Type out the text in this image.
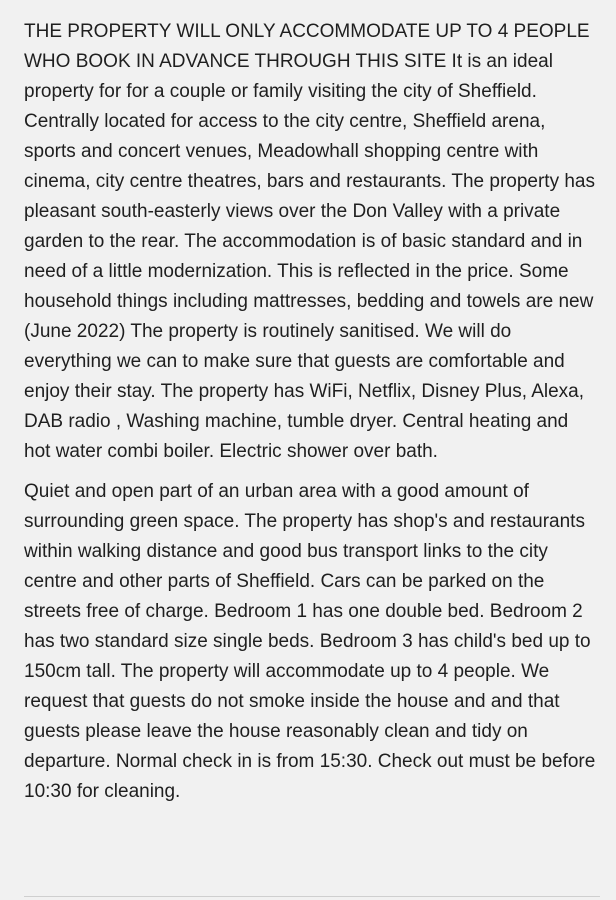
THE PROPERTY WILL ONLY ACCOMMODATE UP TO 4 PEOPLE WHO BOOK IN ADVANCE THROUGH THIS SITE It is an ideal property for for a couple or family visiting the city of Sheffield. Centrally located for access to the city centre, Sheffield arena, sports and concert venues, Meadowhall shopping centre with cinema, city centre theatres, bars and restaurants. The property has pleasant south-easterly views over the Don Valley with a private garden to the rear. The accommodation is of basic standard and in need of a little modernization. This is reflected in the price. Some household things including mattresses, bedding and towels are new (June 2022) The property is routinely sanitised. We will do everything we can to make sure that guests are comfortable and enjoy their stay. The property has WiFi, Netflix, Disney Plus, Alexa, DAB radio , Washing machine, tumble dryer. Central heating and hot water combi boiler. Electric shower over bath.

Quiet and open part of an urban area with a good amount of surrounding green space. The property has shop's and restaurants within walking distance and good bus transport links to the city centre and other parts of Sheffield. Cars can be parked on the streets free of charge. Bedroom 1 has one double bed. Bedroom 2 has two standard size single beds. Bedroom 3 has child's bed up to 150cm tall. The property will accommodate up to 4 people. We request that guests do not smoke inside the house and and that guests please leave the house reasonably clean and tidy on departure. Normal check in is from 15:30. Check out must be before 10:30 for cleaning.
